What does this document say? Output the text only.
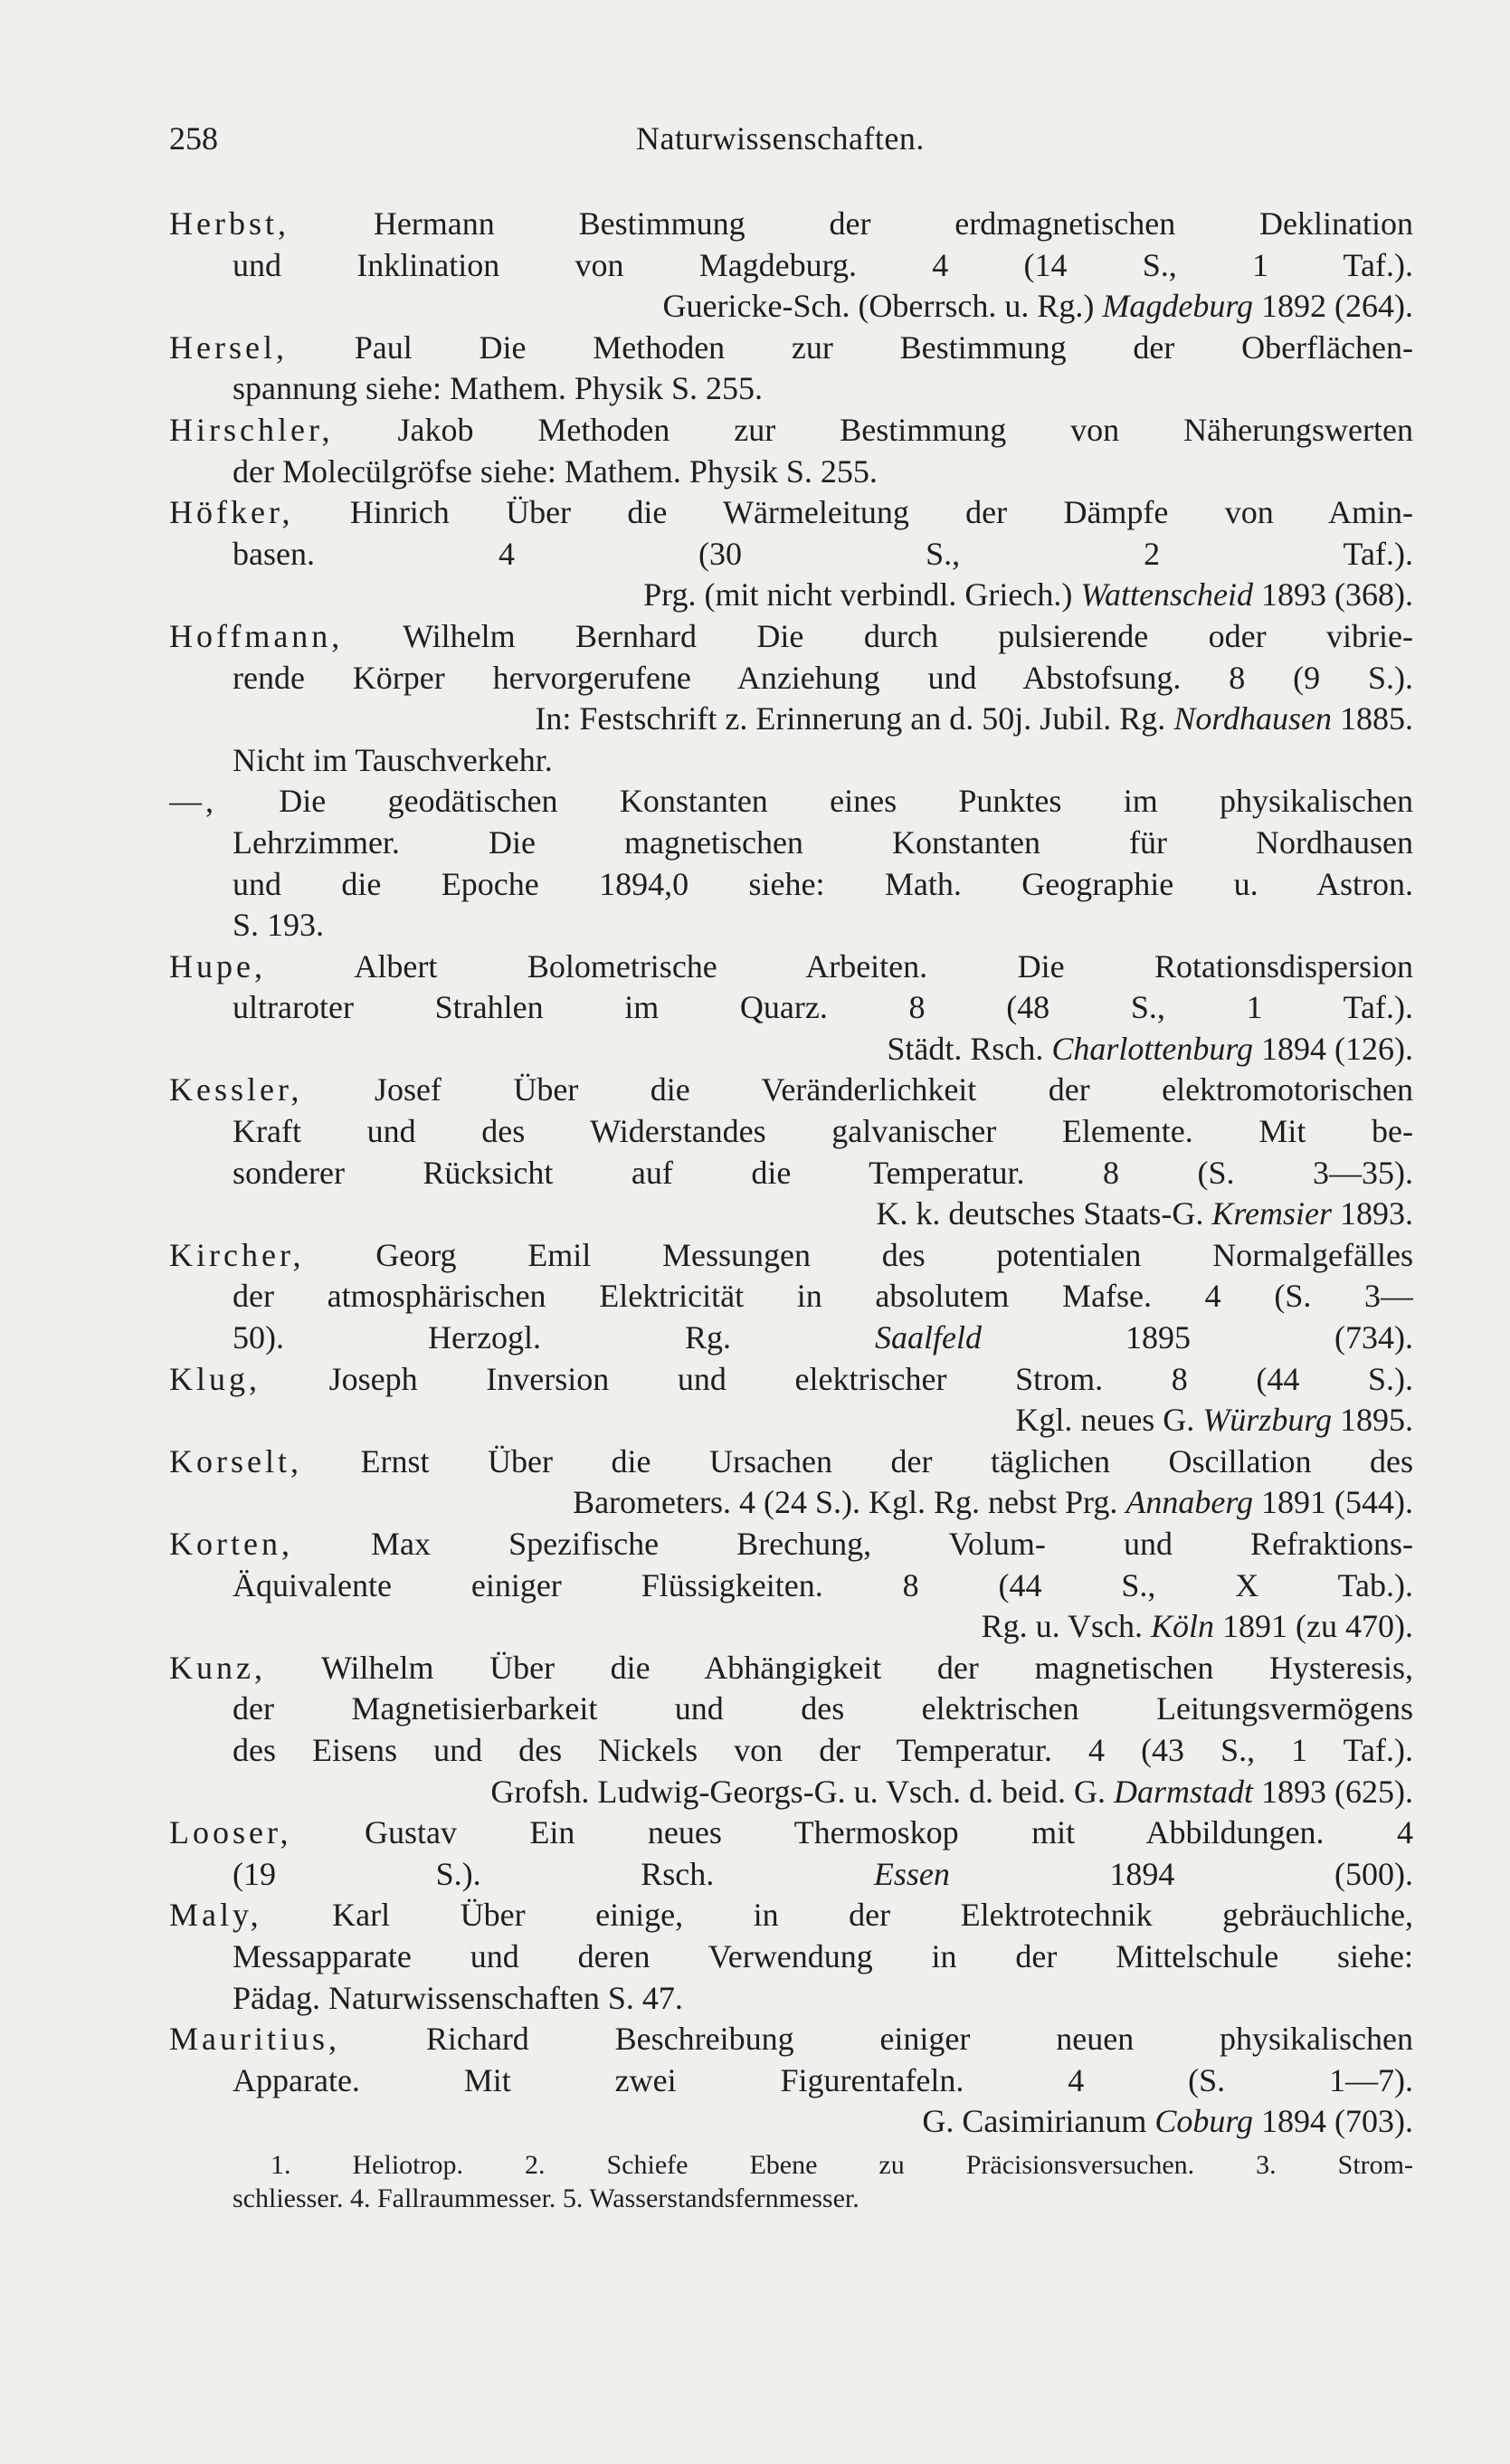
258	Naturwissenschaften.
Herbst, Hermann Bestimmung der erdmagnetischen Deklination
und Inklination von Magdeburg. 4 (14 S., 1 Taf.).
Guericke-Sch. (Oberrsch. u. Rg.) Magdeburg 1892 (264).
Hersel, Paul Die Methoden zur Bestimmung der Oberflächen-
spannung siehe: Mathem. Physik S. 255.
Hirschler, Jakob Methoden zur Bestimmung von Näherungswerten
der Molecülgröfse siehe: Mathem. Physik S. 255.
Höfker, Hinrich Über die Wärmeleitung der Dämpfe von Amin-
basen. 4 (30 S., 2 Taf.).
Prg. (mit nicht verbindl. Griech.) Wattenscheid 1893 (368).
Hoffmann, Wilhelm Bernhard Die durch pulsierende oder vibrie-
rende Körper hervorgerufene Anziehung und Abstofsung. 8 (9 S.).
In: Festschrift z. Erinnerung an d. 50j. Jubil. Rg. Nordhausen 1885.
Nicht im Tauschverkehr.
—, Die geodätischen Konstanten eines Punktes im physikalischen
Lehrzimmer. Die magnetischen Konstanten für Nordhausen
und die Epoche 1894,0 siehe: Math. Geographie u. Astron.
S. 193.
Hupe, Albert Bolometrische Arbeiten. Die Rotationsdispersion
ultraroter Strahlen im Quarz. 8 (48 S., 1 Taf.).
Städt. Rsch. Charlottenburg 1894 (126).
Kessler, Josef Über die Veränderlichkeit der elektromotorischen
Kraft und des Widerstandes galvanischer Elemente. Mit be-
sonderer Rücksicht auf die Temperatur. 8 (S. 3—35).
K. k. deutsches Staats-G. Kremsier 1893.
Kircher, Georg Emil Messungen des potentialen Normalgefälles
der atmosphärischen Elektricität in absolutem Mafse. 4 (S. 3—
50).	Herzogl. Rg. Saalfeld 1895 (734).
Klug, Joseph Inversion und elektrischer Strom. 8 (44 S.).
Kgl. neues G. Würzburg 1895.
Korselt, Ernst Über die Ursachen der täglichen Oscillation des
Barometers. 4 (24 S.). Kgl. Rg. nebst Prg. Annaberg 1891 (544).
Korten, Max Spezifische Brechung, Volum- und Refraktions-
Äquivalente einiger Flüssigkeiten. 8 (44 S., X Tab.).
Rg. u. Vsch. Köln 1891 (zu 470).
Kunz, Wilhelm Über die Abhängigkeit der magnetischen Hysteresis,
der Magnetisierbarkeit und des elektrischen Leitungsvermögens
des Eisens und des Nickels von der Temperatur. 4 (43 S., 1 Taf.).
Grofsh. Ludwig-Georgs-G. u. Vsch. d. beid. G. Darmstadt 1893 (625).
Looser, Gustav Ein neues Thermoskop mit Abbildungen. 4
(19 S.).	Rsch. Essen 1894 (500).
Maly, Karl Über einige, in der Elektrotechnik gebräuchliche,
Messapparate und deren Verwendung in der Mittelschule siehe:
Pädag. Naturwissenschaften S. 47.
Mauritius, Richard Beschreibung einiger neuen physikalischen
Apparate. Mit zwei Figurentafeln. 4 (S. 1—7).
G. Casimirianum Coburg 1894 (703).
1. Heliotrop. 2. Schiefe Ebene zu Präcisionsversuchen. 3. Strom-
schliesser. 4. Fallraummesser. 5. Wasserstandsfernmesser.
